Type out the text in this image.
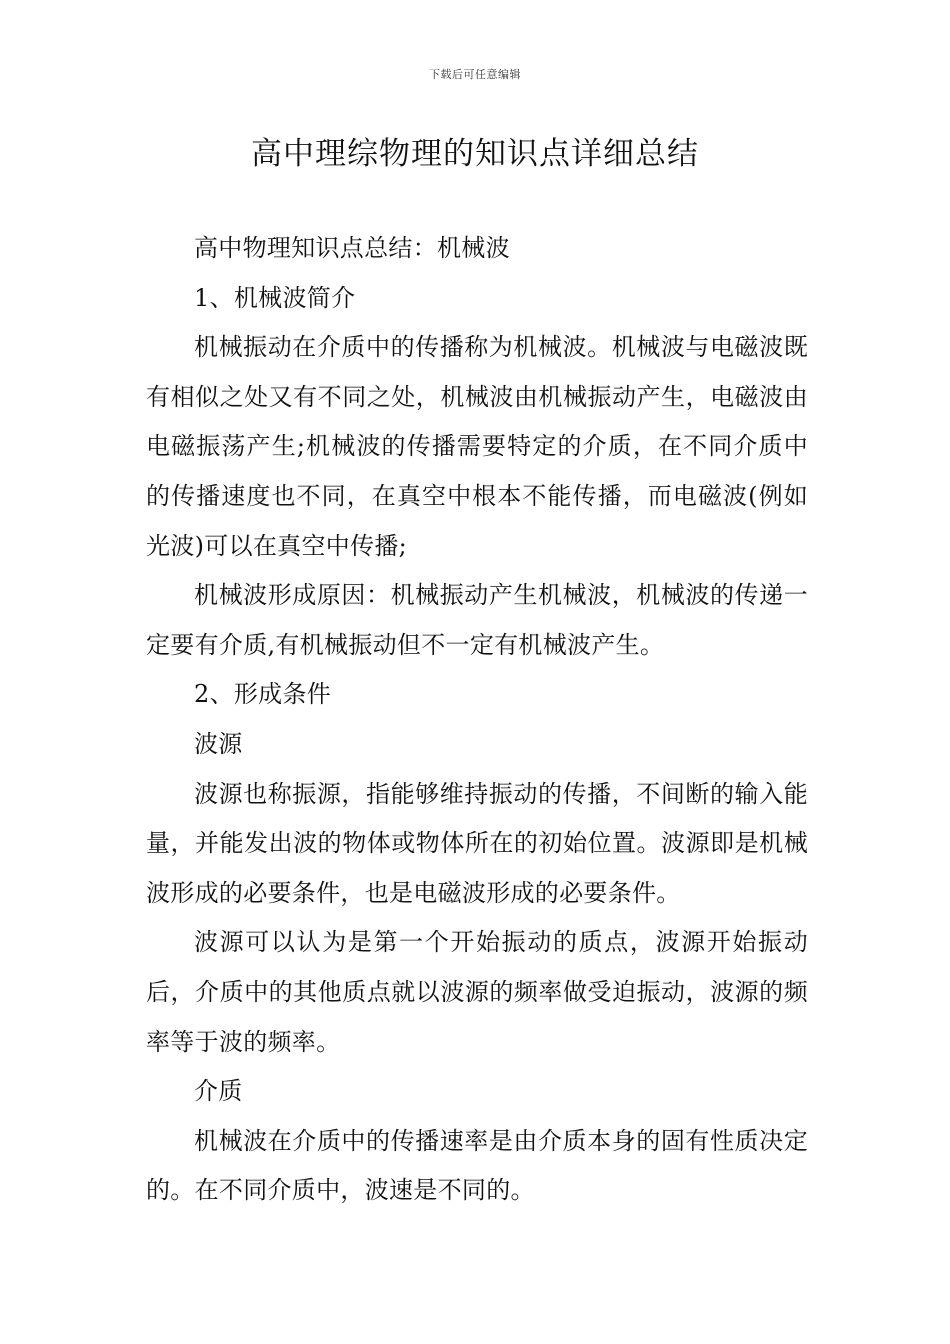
下载后可任意编辑
高中理综物理的知识点详细总结

高中物理知识点总结：机械波

1、机械波简介

机械振动在介质中的传播称为机械波。机械波与电磁波既有相似之处又有不同之处，机械波由机械振动产生，电磁波由电磁振荡产生;机械波的传播需要特定的介质，在不同介质中的传播速度也不同，在真空中根本不能传播，而电磁波(例如光波)可以在真空中传播;

机械波形成原因：机械振动产生机械波，机械波的传递一定要有介质,有机械振动但不一定有机械波产生。

2、形成条件

波源

波源也称振源，指能够维持振动的传播，不间断的输入能量，并能发出波的物体或物体所在的初始位置。波源即是机械波形成的必要条件，也是电磁波形成的必要条件。

波源可以认为是第一个开始振动的质点，波源开始振动后，介质中的其他质点就以波源的频率做受迫振动，波源的频率等于波的频率。

介质

机械波在介质中的传播速率是由介质本身的固有性质决定的。在不同介质中，波速是不同的。
